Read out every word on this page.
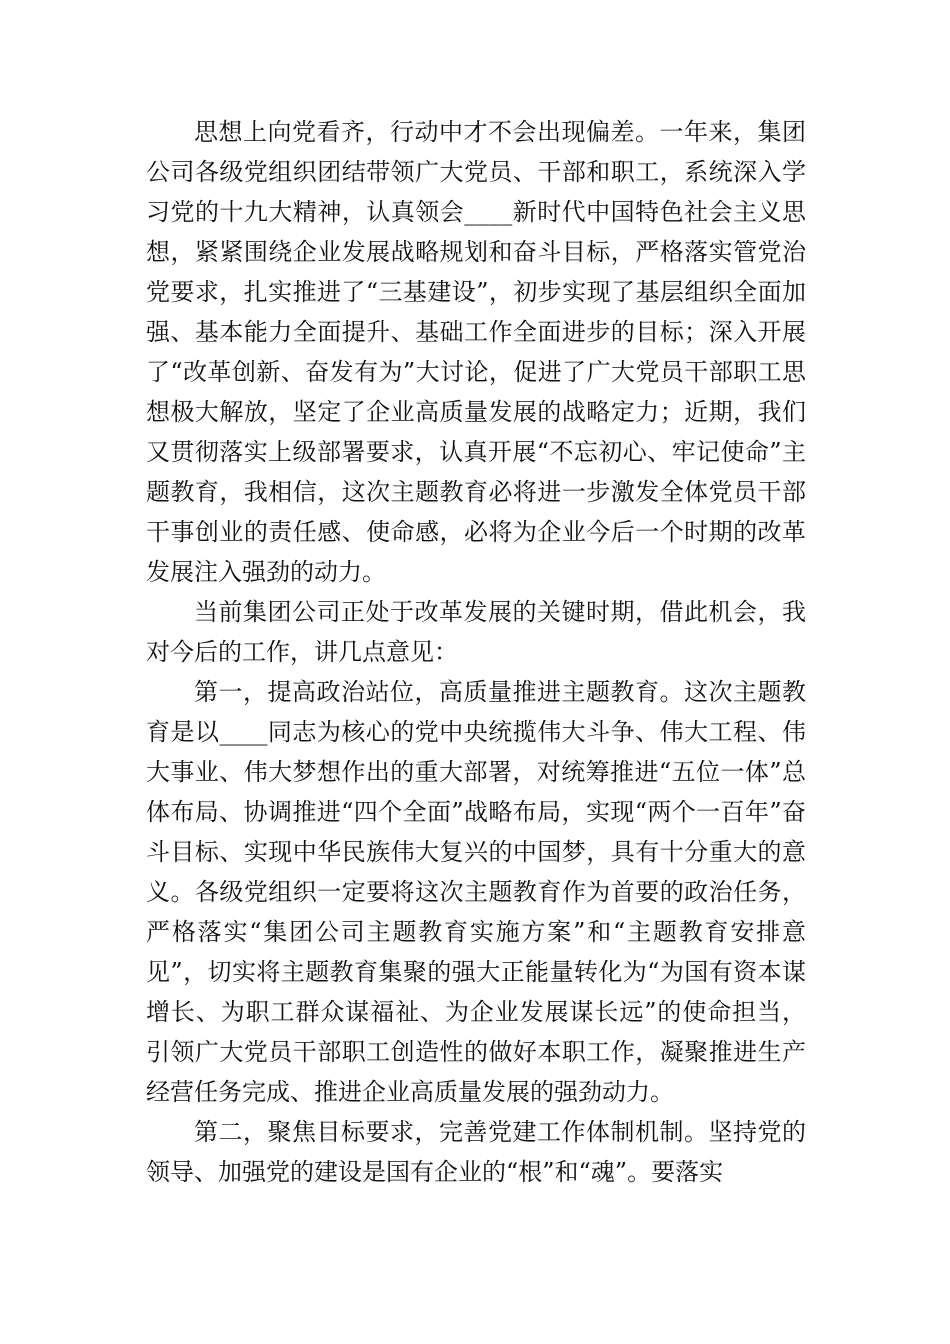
思想上向党看齐，行动中才不会出现偏差。一年来，集团公司各级党组织团结带领广大党员、干部和职工，系统深入学习党的十九大精神，认真领会____新时代中国特色社会主义思想，紧紧围绕企业发展战略规划和奋斗目标，严格落实管党治党要求，扎实推进了“三基建设”，初步实现了基层组织全面加强、基本能力全面提升、基础工作全面进步的目标；深入开展了“改革创新、奋发有为”大讨论，促进了广大党员干部职工思想极大解放，坚定了企业高质量发展的战略定力；近期，我们又贯彻落实上级部署要求，认真开展“不忘初心、牢记使命”主题教育，我相信，这次主题教育必将进一步激发全体党员干部干事创业的责任感、使命感，必将为企业今后一个时期的改革发展注入强劲的动力。

当前集团公司正处于改革发展的关键时期，借此机会，我对今后的工作，讲几点意见：

第一，提高政治站位，高质量推进主题教育。这次主题教育是以____同志为核心的党中央统揽伟大斗争、伟大工程、伟大事业、伟大梦想作出的重大部署，对统筹推进“五位一体”总体布局、协调推进“四个全面”战略布局，实现“两个一百年”奋斗目标、实现中华民族伟大复兴的中国梦，具有十分重大的意义。各级党组织一定要将这次主题教育作为首要的政治任务，严格落实“集团公司主题教育实施方案”和“主题教育安排意见”，切实将主题教育集聚的强大正能量转化为“为国有资本谋增长、为职工群众谋福祉、为企业发展谋长远”的使命担当，引领广大党员干部职工创造性的做好本职工作，凝聚推进生产经营任务完成、推进企业高质量发展的强劲动力。

第二，聚焦目标要求，完善党建工作体制机制。坚持党的领导、加强党的建设是国有企业的“根”和“魂”。要落实
